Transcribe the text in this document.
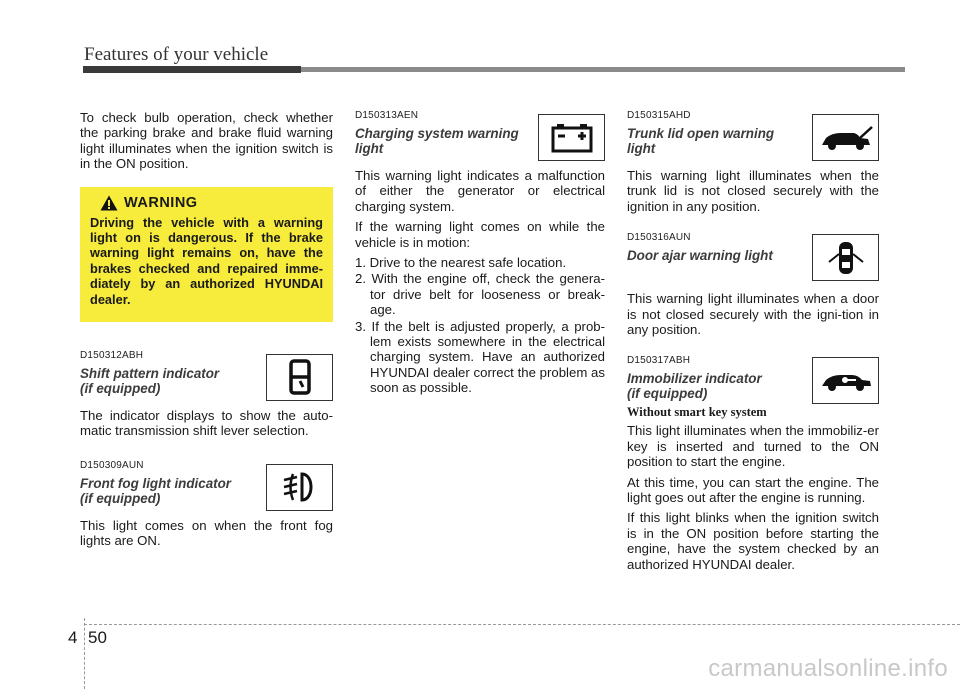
Features of your vehicle

To check bulb operation, check whether the parking brake and brake fluid warning light illuminates when the ignition switch is in the ON position.

WARNING
Driving the vehicle with a warning light on is dangerous. If the brake warning light remains on, have the brakes checked and repaired imme-diately by an authorized HYUNDAI dealer.
D150312ABH
Shift pattern indicator
(if equipped)

The indicator displays to show the auto-matic transmission shift lever selection.

D150309AUN
Front fog light indicator
(if equipped)

This light comes on when the front fog lights are ON.

D150313AEN
Charging system warning
light

This warning light indicates a malfunction of either the generator or electrical charging system.

If the warning light comes on while the vehicle is in motion:

1. Drive to the nearest safe location.
2. With the engine off, check the genera-tor drive belt for looseness or break-age.
3. If the belt is adjusted properly, a prob-lem exists somewhere in the electrical charging system. Have an authorized HYUNDAI dealer correct the problem as soon as possible.
D150315AHD
Trunk lid open warning
light

This warning light illuminates when the trunk lid is not closed securely with the ignition in any position.

D150316AUN
Door ajar warning light

This warning light illuminates when a door is not closed securely with the igni-tion in any position.

D150317ABH
Immobilizer indicator
(if equipped)
Without smart key system

This light illuminates when the immobiliz-er key is inserted and turned to the ON position to start the engine.

At this time, you can start the engine. The light goes out after the engine is running.

If this light blinks when the ignition switch is in the ON position before starting the engine, have the system checked by an authorized HYUNDAI dealer.

4 50
carmanualsonline.info
